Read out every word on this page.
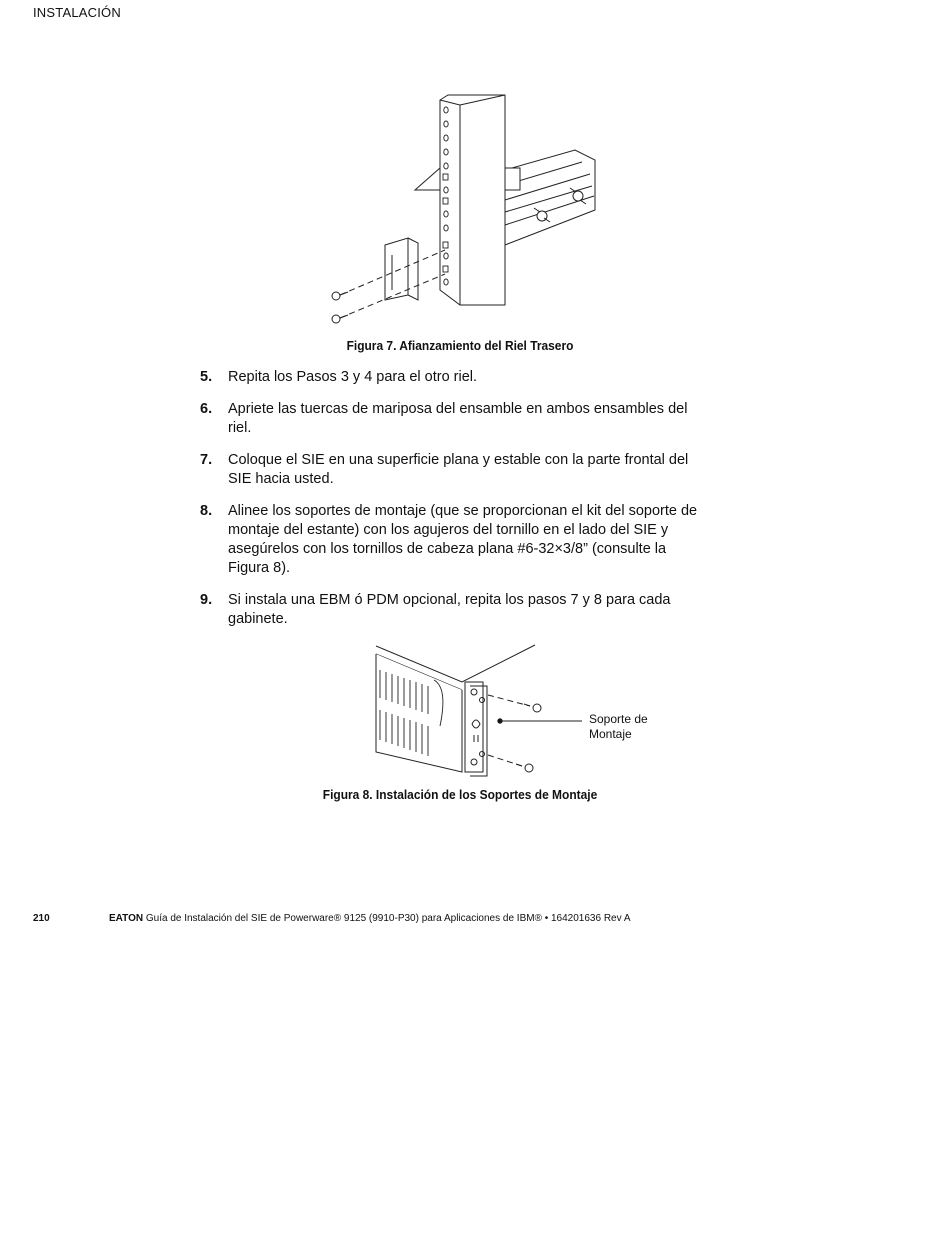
INSTALACIÓN
Figura 7. Afianzamiento del Riel Trasero
5. Repita los Pasos 3 y 4 para el otro riel.
6. Apriete las tuercas de mariposa del ensamble en ambos ensambles del riel.
7. Coloque el SIE en una superficie plana y estable con la parte frontal del SIE hacia usted.
8. Alinee los soportes de montaje (que se proporcionan el kit del soporte de montaje del estante) con los agujeros del tornillo en el lado del SIE y asegúrelos con los tornillos de cabeza plana #6-32×3/8” (consulte la Figura 8).
9. Si instala una EBM ó PDM opcional, repita los pasos 7 y 8 para cada gabinete.
Soporte de
Montaje
Figura 8. Instalación de los Soportes de Montaje
210	EATON Guía de Instalación del SIE de Powerware® 9125 (9910-P30) para Aplicaciones de IBM® • 164201636 Rev A
